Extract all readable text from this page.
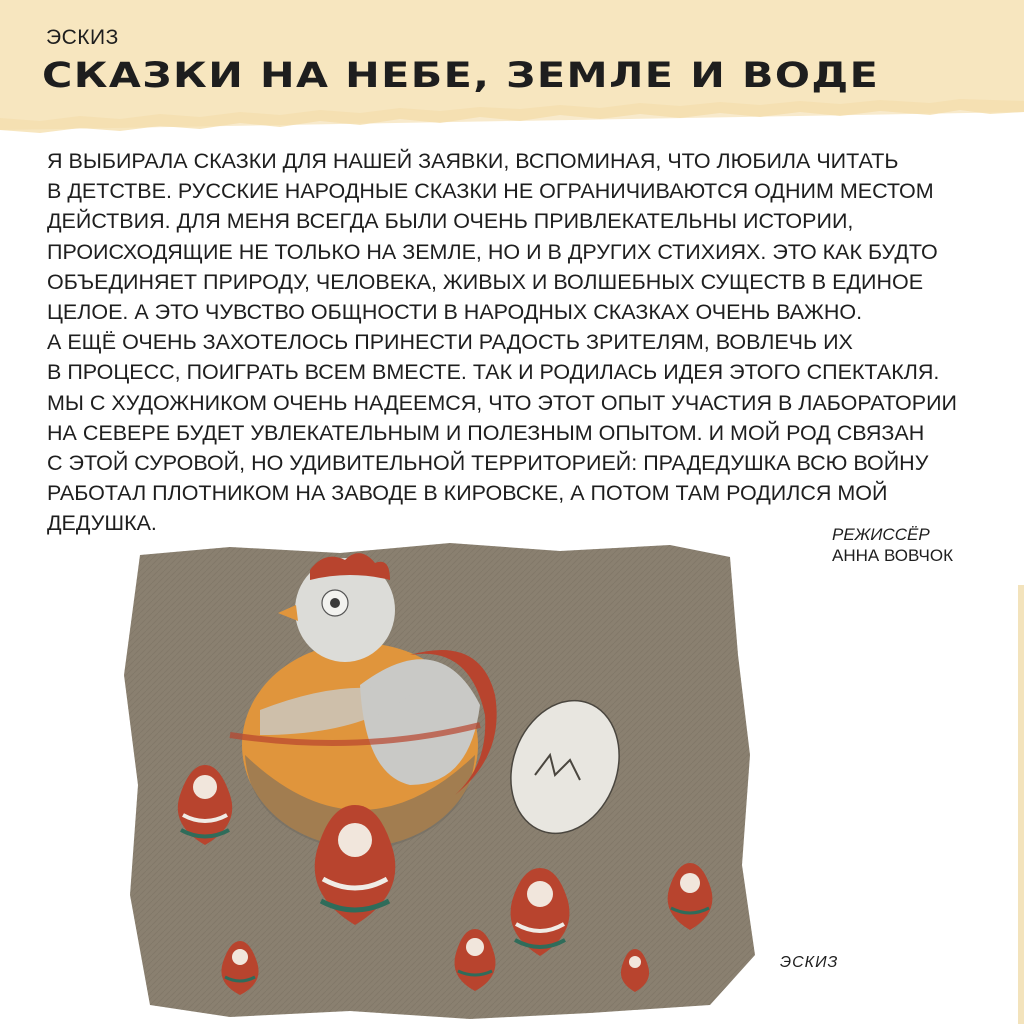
ЭСКИЗ
СКАЗКИ НА НЕБЕ, ЗЕМЛЕ И ВОДЕ
Я ВЫБИРАЛА СКАЗКИ ДЛЯ НАШЕЙ ЗАЯВКИ, ВСПОМИНАЯ, ЧТО ЛЮБИЛА ЧИТАТЬ
В ДЕТСТВЕ. РУССКИЕ НАРОДНЫЕ СКАЗКИ НЕ ОГРАНИЧИВАЮТСЯ ОДНИМ МЕСТОМ
ДЕЙСТВИЯ. ДЛЯ МЕНЯ ВСЕГДА БЫЛИ ОЧЕНЬ ПРИВЛЕКАТЕЛЬНЫ ИСТОРИИ,
ПРОИСХОДЯЩИЕ НЕ ТОЛЬКО НА ЗЕМЛЕ, НО И В ДРУГИХ СТИХИЯХ. ЭТО КАК БУДТО
ОБЪЕДИНЯЕТ ПРИРОДУ, ЧЕЛОВЕКА, ЖИВЫХ И ВОЛШЕБНЫХ СУЩЕСТВ В ЕДИНОЕ
ЦЕЛОЕ. А ЭТО ЧУВСТВО ОБЩНОСТИ В НАРОДНЫХ СКАЗКАХ ОЧЕНЬ ВАЖНО.
А ЕЩЁ ОЧЕНЬ ЗАХОТЕЛОСЬ ПРИНЕСТИ РАДОСТЬ ЗРИТЕЛЯМ, ВОВЛЕЧЬ ИХ
В ПРОЦЕСС, ПОИГРАТЬ ВСЕМ ВМЕСТЕ. ТАК И РОДИЛАСЬ ИДЕЯ ЭТОГО СПЕКТАКЛЯ.
МЫ С ХУДОЖНИКОМ ОЧЕНЬ НАДЕЕМСЯ, ЧТО ЭТОТ ОПЫТ УЧАСТИЯ В ЛАБОРАТОРИИ
НА СЕВЕРЕ БУДЕТ УВЛЕКАТЕЛЬНЫМ И ПОЛЕЗНЫМ ОПЫТОМ. И МОЙ РОД СВЯЗАН
С ЭТОЙ СУРОВОЙ, НО УДИВИТЕЛЬНОЙ ТЕРРИТОРИЕЙ: ПРАДЕДУШКА ВСЮ ВОЙНУ
РАБОТАЛ ПЛОТНИКОМ НА ЗАВОДЕ В КИРОВСКЕ, А ПОТОМ ТАМ РОДИЛСЯ МОЙ
ДЕДУШКА.	РЕЖИССЁР
АННА ВОВЧОК
ЭСКИЗ
